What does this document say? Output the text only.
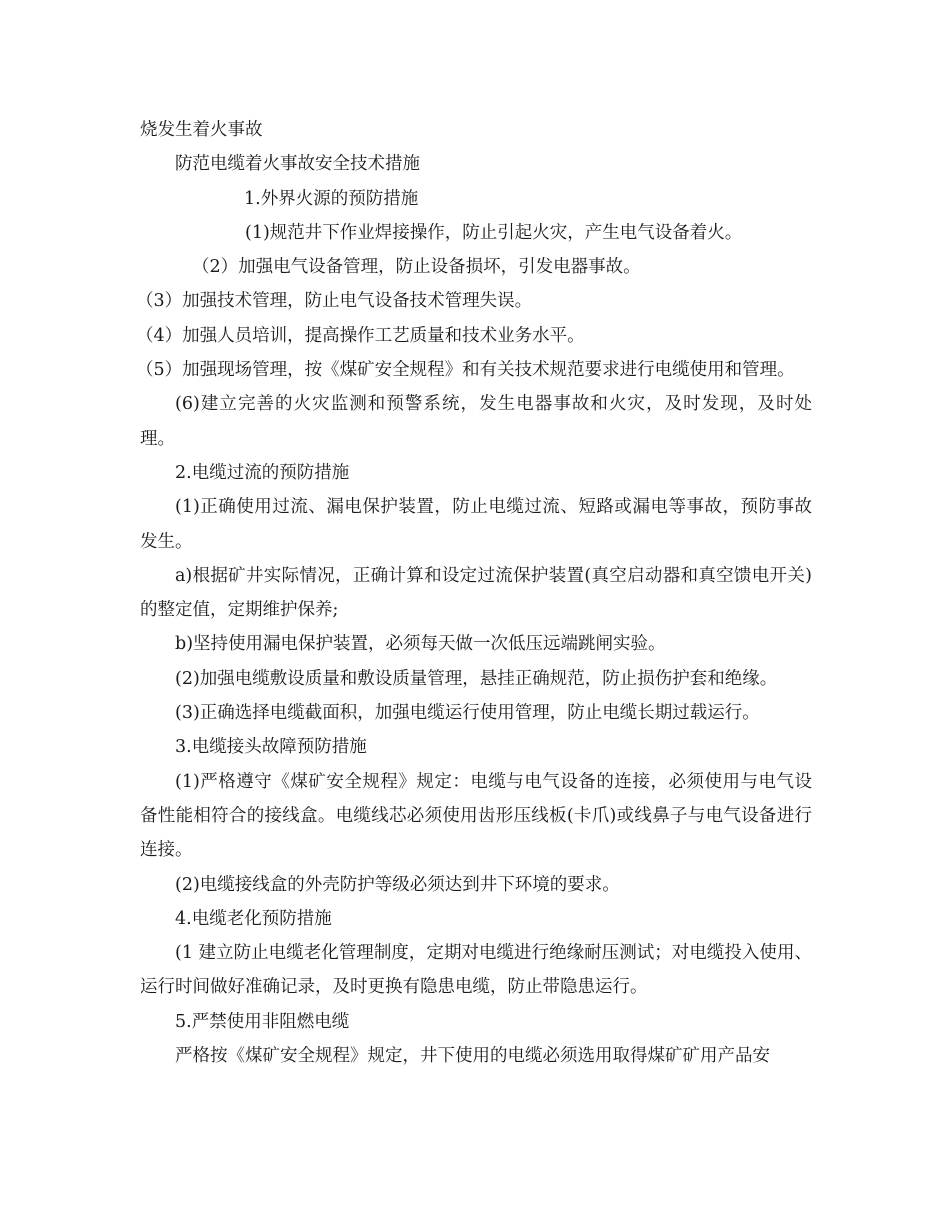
烧发生着火事故

防范电缆着火事故安全技术措施

1.外界火源的预防措施

(1)规范井下作业焊接操作，防止引起火灾，产生电气设备着火。

（2）加强电气设备管理，防止设备损坏，引发电器事故。

（3）加强技术管理，防止电气设备技术管理失误。

（4）加强人员培训，提高操作工艺质量和技术业务水平。

（5）加强现场管理，按《煤矿安全规程》和有关技术规范要求进行电缆使用和管理。

(6)建立完善的火灾监测和预警系统，发生电器事故和火灾，及时发现，及时处理。

2.电缆过流的预防措施

(1)正确使用过流、漏电保护装置，防止电缆过流、短路或漏电等事故，预防事故发生。

a)根据矿井实际情况，正确计算和设定过流保护装置(真空启动器和真空馈电开关)的整定值，定期维护保养;

b)坚持使用漏电保护装置，必须每天做一次低压远端跳闸实验。

(2)加强电缆敷设质量和敷设质量管理，悬挂正确规范，防止损伤护套和绝缘。

(3)正确选择电缆截面积，加强电缆运行使用管理，防止电缆长期过载运行。

3.电缆接头故障预防措施

(1)严格遵守《煤矿安全规程》规定：电缆与电气设备的连接，必须使用与电气设备性能相符合的接线盒。电缆线芯必须使用齿形压线板(卡爪)或线鼻子与电气设备进行连接。

(2)电缆接线盒的外壳防护等级必须达到井下环境的要求。

4.电缆老化预防措施

(1 建立防止电缆老化管理制度，定期对电缆进行绝缘耐压测试；对电缆投入使用、运行时间做好准确记录，及时更换有隐患电缆，防止带隐患运行。

5.严禁使用非阻燃电缆

严格按《煤矿安全规程》规定，井下使用的电缆必须选用取得煤矿矿用产品安
